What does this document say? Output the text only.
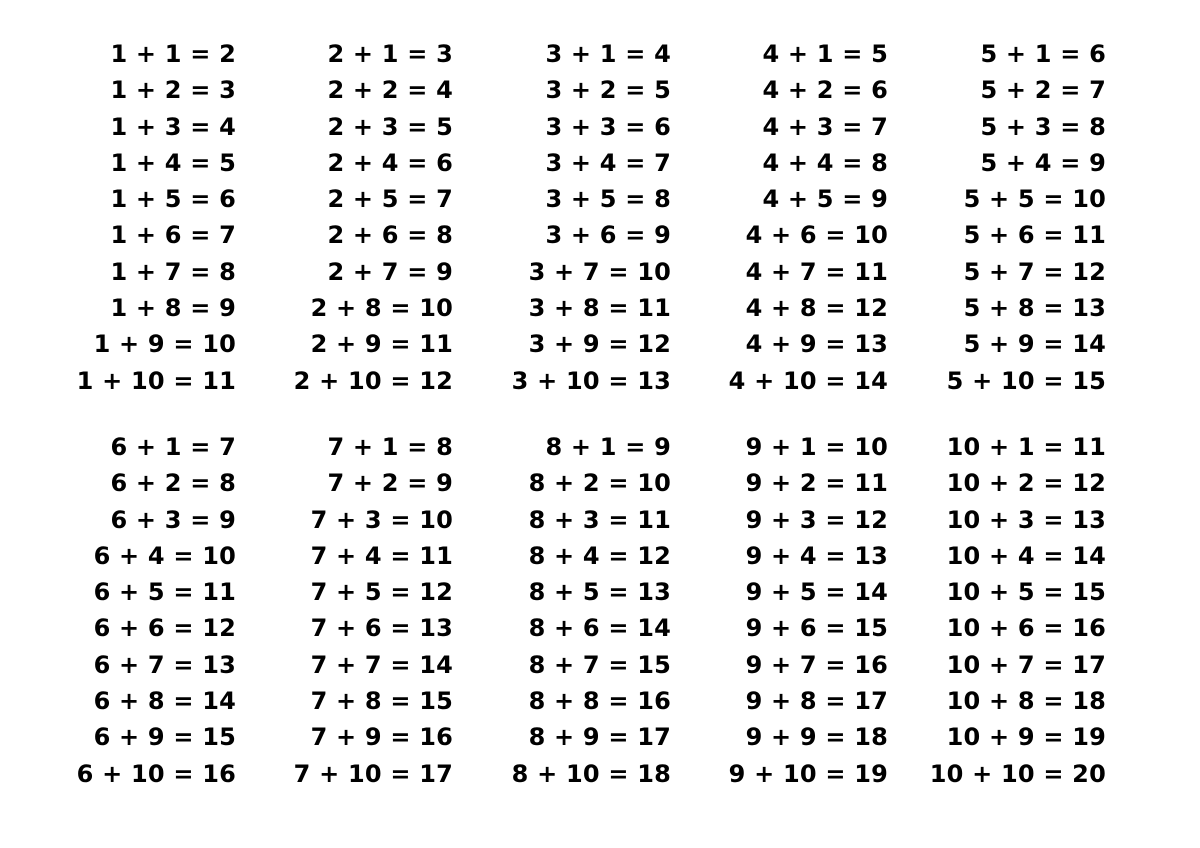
1 + 1 = 2
1 + 2 = 3
1 + 3 = 4
1 + 4 = 5
1 + 5 = 6
1 + 6 = 7
1 + 7 = 8
1 + 8 = 9
1 + 9 = 10
1 + 10 = 11
2 + 1 = 3
2 + 2 = 4
2 + 3 = 5
2 + 4 = 6
2 + 5 = 7
2 + 6 = 8
2 + 7 = 9
2 + 8 = 10
2 + 9 = 11
2 + 10 = 12
3 + 1 = 4
3 + 2 = 5
3 + 3 = 6
3 + 4 = 7
3 + 5 = 8
3 + 6 = 9
3 + 7 = 10
3 + 8 = 11
3 + 9 = 12
3 + 10 = 13
4 + 1 = 5
4 + 2 = 6
4 + 3 = 7
4 + 4 = 8
4 + 5 = 9
4 + 6 = 10
4 + 7 = 11
4 + 8 = 12
4 + 9 = 13
4 + 10 = 14
5 + 1 = 6
5 + 2 = 7
5 + 3 = 8
5 + 4 = 9
5 + 5 = 10
5 + 6 = 11
5 + 7 = 12
5 + 8 = 13
5 + 9 = 14
5 + 10 = 15
6 + 1 = 7
6 + 2 = 8
6 + 3 = 9
6 + 4 = 10
6 + 5 = 11
6 + 6 = 12
6 + 7 = 13
6 + 8 = 14
6 + 9 = 15
6 + 10 = 16
7 + 1 = 8
7 + 2 = 9
7 + 3 = 10
7 + 4 = 11
7 + 5 = 12
7 + 6 = 13
7 + 7 = 14
7 + 8 = 15
7 + 9 = 16
7 + 10 = 17
8 + 1 = 9
8 + 2 = 10
8 + 3 = 11
8 + 4 = 12
8 + 5 = 13
8 + 6 = 14
8 + 7 = 15
8 + 8 = 16
8 + 9 = 17
8 + 10 = 18
9 + 1 = 10
9 + 2 = 11
9 + 3 = 12
9 + 4 = 13
9 + 5 = 14
9 + 6 = 15
9 + 7 = 16
9 + 8 = 17
9 + 9 = 18
9 + 10 = 19
10 + 1 = 11
10 + 2 = 12
10 + 3 = 13
10 + 4 = 14
10 + 5 = 15
10 + 6 = 16
10 + 7 = 17
10 + 8 = 18
10 + 9 = 19
10 + 10 = 20
